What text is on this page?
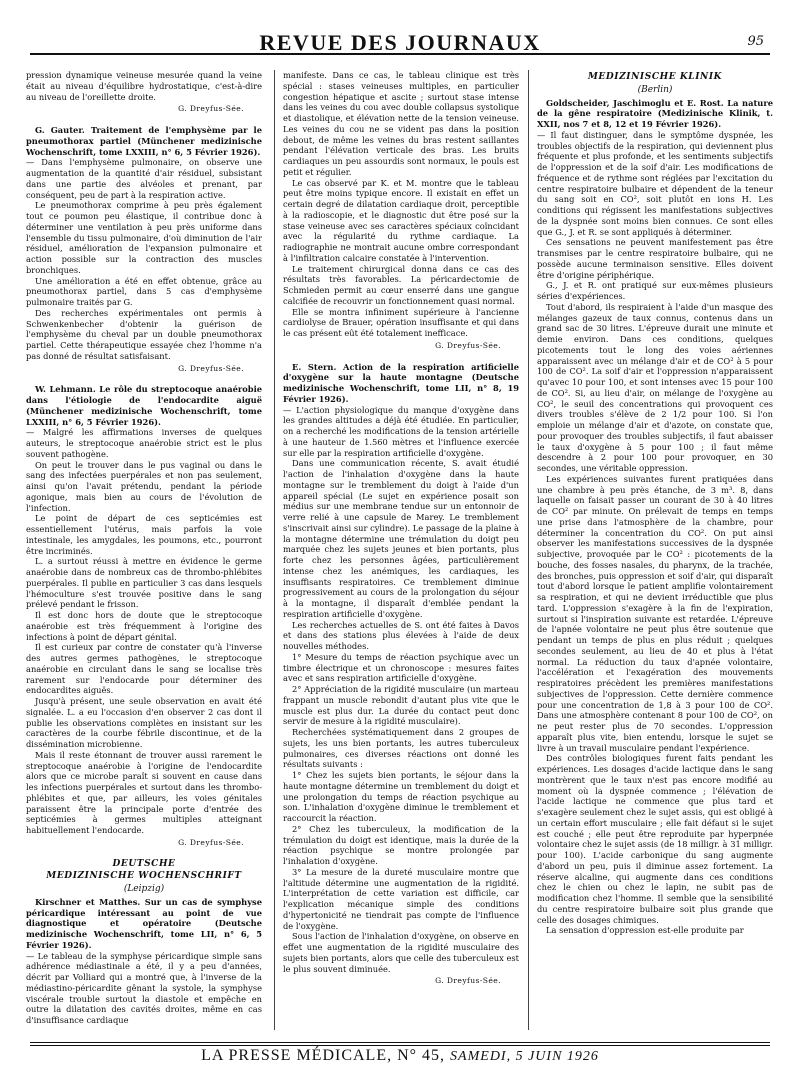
REVUE DES JOURNAUX	95

pression dynamique veineuse mesurée quand la veine était au niveau d'équilibre hydrostatique, c'est-à-dire au niveau de l'oreillette droite.

G. Dreyfus-Sée.

G. Gauter. Traitement de l'emphysème par le pneumothorax partiel (Münchener medizinische Wochenschrift, tome LXXIII, n° 6, 5 Février 1926).

— Dans l'emphysème pulmonaire, on observe une augmentation de la quantité d'air résiduel, subsistant dans une partie des alvéoles et prenant, par conséquent, peu de part à la respiration active.

Le pneumothorax comprime à peu près également tout ce poumon peu élastique, il contribue donc à déterminer une ventilation à peu près uniforme dans l'ensemble du tissu pulmonaire, d'où diminution de l'air résiduel, amélioration de l'expansion pulmonaire et action possible sur la contraction des muscles bronchiques.

Une amélioration a été en effet obtenue, grâce au pneumothorax partiel, dans 5 cas d'emphysème pulmonaire traités par G.

Des recherches expérimentales ont permis à Schwenkenbecher d'obtenir la guérison de l'emphysème du cheval par un double pneumothorax partiel. Cette thérapeutique essayée chez l'homme n'a pas donné de résultat satisfaisant.

G. Dreyfus-Sée.

W. Lehmann. Le rôle du streptocoque anaérobie dans l'étiologie de l'endocardite aiguë (Münchener medizinische Wochenschrift, tome LXXIII, n° 6, 5 Février 1926).

— Malgré les affirmations inverses de quelques auteurs, le streptocoque anaérobie strict est le plus souvent pathogène.

On peut le trouver dans le pus vaginal ou dans le sang des infectées puerpérales et non pas seulement, ainsi qu'on l'avait prétendu, pendant la période agonique, mais bien au cours de l'évolution de l'infection.

Le point de départ de ces septicémies est essentiellement l'utérus, mais parfois la voie intestinale, les amygdales, les poumons, etc., pourront être incriminés.

L. a surtout réussi à mettre en évidence le germe anaérobie dans de nombreux cas de thrombo-phlébites puerpérales. Il publie en particulier 3 cas dans lesquels l'hémoculture s'est trouvée positive dans le sang prélevé pendant le frisson.

Il est donc hors de doute que le streptocoque anaérobie est très fréquemment à l'origine des infections à point de départ génital.

Il est curieux par contre de constater qu'à l'inverse des autres germes pathogènes, le streptocoque anaérobie en circulant dans le sang se localise très rarement sur l'endocarde pour déterminer des endocardites aiguës.

Jusqu'à présent, une seule observation en avait été signalée. L. a eu l'occasion d'en observer 2 cas dont il publie les observations complètes en insistant sur les caractères de la courbe fébrile discontinue, et de la dissémination microbienne.

Mais il reste étonnant de trouver aussi rarement le streptocoque anaérobie à l'origine de l'endocardite alors que ce microbe paraît si souvent en cause dans les infections puerpérales et surtout dans les thrombo-phlébites et que, par ailleurs, les voies génitales paraissent être la principale porte d'entrée des septicémies à germes multiples atteignant habituellement l'endocarde.

G. Dreyfus-Sée.
DEUTSCHE
MEDIZINISCHE WOCHENSCHRIFT
(Leipzig)

Kirschner et Matthes. Sur un cas de symphyse péricardique intéressant au point de vue diagnostique et opératoire (Deutsche medizinische Wochenschrift, tome LII, n° 6, 5 Février 1926).

— Le tableau de la symphyse péricardique simple sans adhérence médiastinale a été, il y a peu d'années, décrit par Volliard qui a montré que, à l'inverse de la médiastino-péricardite gênant la systole, la symphyse viscérale trouble surtout la diastole et empêche en outre la dilatation des cavités droites, même en cas d'insuffisance cardiaque

manifeste. Dans ce cas, le tableau clinique est très spécial : stases veineuses multiples, en particulier congestion hépatique et ascite ; surtout stase intense dans les veines du cou avec double collapsus systolique et diastolique, et élévation nette de la tension veineuse. Les veines du cou ne se vident pas dans la position debout, de même les veines du bras restent saillantes pendant l'élévation verticale des bras. Les bruits cardiaques un peu assourdis sont normaux, le pouls est petit et régulier.

Le cas observé par K. et M. montre que le tableau peut être moins typique encore. Il existait en effet un certain degré de dilatation cardiaque droit, perceptible à la radioscopie, et le diagnostic dut être posé sur la stase veineuse avec ses caractères spéciaux coïncidant avec la régularité du rythme cardiaque. La radiographie ne montrait aucune ombre correspondant à l'infiltration calcaire constatée à l'intervention.

Le traitement chirurgical donna dans ce cas des résultats très favorables. La péricardectomie de Schmieden permit au cœur enserré dans une gangue calcifiée de recouvrir un fonctionnement quasi normal.

Elle se montra infiniment supérieure à l'ancienne cardiolyse de Brauer, opération insuffisante et qui dans le cas présent eût été totalement inefficace.

G. Dreyfus-Sée.

E. Stern. Action de la respiration artificielle d'oxygène sur la haute montagne (Deutsche medizinische Wochenschrift, tome LII, n° 8, 19 Février 1926).

— L'action physiologique du manque d'oxygène dans les grandes altitudes a déjà été étudiée. En particulier, on a recherché les modifications de la tension artérielle à une hauteur de 1.560 mètres et l'influence exercée sur elle par la respiration artificielle d'oxygène.

Dans une communication récente, S. avait étudié l'action de l'inhalation d'oxygène dans la haute montagne sur le tremblement du doigt à l'aide d'un appareil spécial (Le sujet en expérience posait son médius sur une membrane tendue sur un entonnoir de verre relié à une capsule de Marey. Le tremblement s'inscrivait ainsi sur cylindre). Le passage de la plaine à la montagne détermine une trémulation du doigt peu marquée chez les sujets jeunes et bien portants, plus forte chez les personnes âgées, particulièrement intense chez les anémiques, les cardiaques, les insuffisants respiratoires. Ce tremblement diminue progressivement au cours de la prolongation du séjour à la montagne, il disparaît d'emblée pendant la respiration artificielle d'oxygène.

Les recherches actuelles de S. ont été faites à Davos et dans des stations plus élevées à l'aide de deux nouvelles méthodes.

1° Mesure du temps de réaction psychique avec un timbre électrique et un chronoscope : mesures faites avec et sans respiration artificielle d'oxygène.

2° Appréciation de la rigidité musculaire (un marteau frappant un muscle rebondit d'autant plus vite que le muscle est plus dur. La durée du contact peut donc servir de mesure à la rigidité musculaire).

Recherchées systématiquement dans 2 groupes de sujets, les uns bien portants, les autres tuberculeux pulmonaires, ces diverses réactions ont donné les résultats suivants :

1° Chez les sujets bien portants, le séjour dans la haute montagne détermine un tremblement du doigt et une prolongation du temps de réaction psychique au son. L'inhalation d'oxygène diminue le tremblement et raccourcit la réaction.

2° Chez les tuberculeux, la modification de la trémulation du doigt est identique, mais la durée de la réaction psychique se montre prolongée par l'inhalation d'oxygène.

3° La mesure de la dureté musculaire montre que l'altitude détermine une augmentation de la rigidité. L'interprétation de cette variation est difficile, car l'explication mécanique simple des conditions d'hypertonicité ne tiendrait pas compte de l'influence de l'oxygène.

Sous l'action de l'inhalation d'oxygène, on observe en effet une augmentation de la rigidité musculaire des sujets bien portants, alors que celle des tuberculeux est le plus souvent diminuée.

G. Dreyfus-Sée.
MEDIZINISCHE KLINIK
(Berlin)

Goldscheider, Jaschimoglu et E. Rost. La nature de la gêne respiratoire (Medizinische Klinik, t. XXII, nos 7 et 8, 12 et 19 Février 1926).

— Il faut distinguer, dans le symptôme dyspnée, les troubles objectifs de la respiration, qui deviennent plus fréquente et plus profonde, et les sentiments subjectifs de l'oppression et de la soif d'air. Les modifications de fréquence et de rythme sont réglées par l'excitation du centre respiratoire bulbaire et dépendent de la teneur du sang soit en CO², soit plutôt en ions H. Les conditions qui régissent les manifestations subjectives de la dyspnée sont moins bien connues. Ce sont elles que G., J. et R. se sont appliqués à déterminer.

Ces sensations ne peuvent manifestement pas être transmises par le centre respiratoire bulbaire, qui ne possède aucune terminaison sensitive. Elles doivent être d'origine périphérique.

G., J. et R. ont pratiqué sur eux-mêmes plusieurs séries d'expériences.

Tout d'abord, ils respiraient à l'aide d'un masque des mélanges gazeux de taux connus, contenus dans un grand sac de 30 litres. L'épreuve durait une minute et demie environ. Dans ces conditions, quelques picotements tout le long des voies aériennes apparaissent avec un mélange d'air et de CO² à 5 pour 100 de CO². La soif d'air et l'oppression n'apparaissent qu'avec 10 pour 100, et sont intenses avec 15 pour 100 de CO². Si, au lieu d'air, on mélange de l'oxygène au CO², le seuil des concentrations qui provoquent ces divers troubles s'élève de 2 1/2 pour 100. Si l'on emploie un mélange d'air et d'azote, on constate que, pour provoquer des troubles subjectifs, il faut abaisser le taux d'oxygène à 5 pour 100 ; il faut même descendre à 2 pour 100 pour provoquer, en 30 secondes, une véritable oppression.

Les expériences suivantes furent pratiquées dans une chambre à peu près étanche, de 3 m³. 8, dans laquelle on faisait passer un courant de 30 à 40 litres de CO² par minute. On prélevait de temps en temps une prise dans l'atmosphère de la chambre, pour déterminer la concentration du CO². On put ainsi observer les manifestations successives de la dyspnée subjective, provoquée par le CO² : picotements de la bouche, des fosses nasales, du pharynx, de la trachée, des bronches, puis oppression et soif d'air, qui disparaît tout d'abord lorsque le patient amplifie volontairement sa respiration, et qui ne devient irréductible que plus tard. L'oppression s'exagère à la fin de l'expiration, surtout si l'inspiration suivante est retardée. L'épreuve de l'apnée volontaire ne peut plus être soutenue que pendant un temps de plus en plus réduit ; quelques secondes seulement, au lieu de 40 et plus à l'état normal. La réduction du taux d'apnée volontaire, l'accélération et l'exagération des mouvements respiratoires précèdent les premières manifestations subjectives de l'oppression. Cette dernière commence pour une concentration de 1,8 à 3 pour 100 de CO². Dans une atmosphère contenant 8 pour 100 de CO², on ne peut rester plus de 70 secondes. L'oppression apparaît plus vite, bien entendu, lorsque le sujet se livre à un travail musculaire pendant l'expérience.

Des contrôles biologiques furent faits pendant les expériences. Les dosages d'acide lactique dans le sang montrèrent que le taux n'est pas encore modifié au moment où la dyspnée commence ; l'élévation de l'acide lactique ne commence que plus tard et s'exagère seulement chez le sujet assis, qui est obligé à un certain effort musculaire ; elle fait défaut si le sujet est couché ; elle peut être reproduite par hyperpnée volontaire chez le sujet assis (de 18 milligr. à 31 milligr. pour 100). L'acide carbonique du sang augmente d'abord un peu, puis il diminue assez fortement. La réserve alcaline, qui augmente dans ces conditions chez le chien ou chez le lapin, ne subit pas de modification chez l'homme. Il semble que la sensibilité du centre respiratoire bulbaire soit plus grande que celle des dosages chimiques.

La sensation d'oppression est-elle produite par

LA PRESSE MÉDICALE, N° 45, SAMEDI, 5 JUIN 1926
